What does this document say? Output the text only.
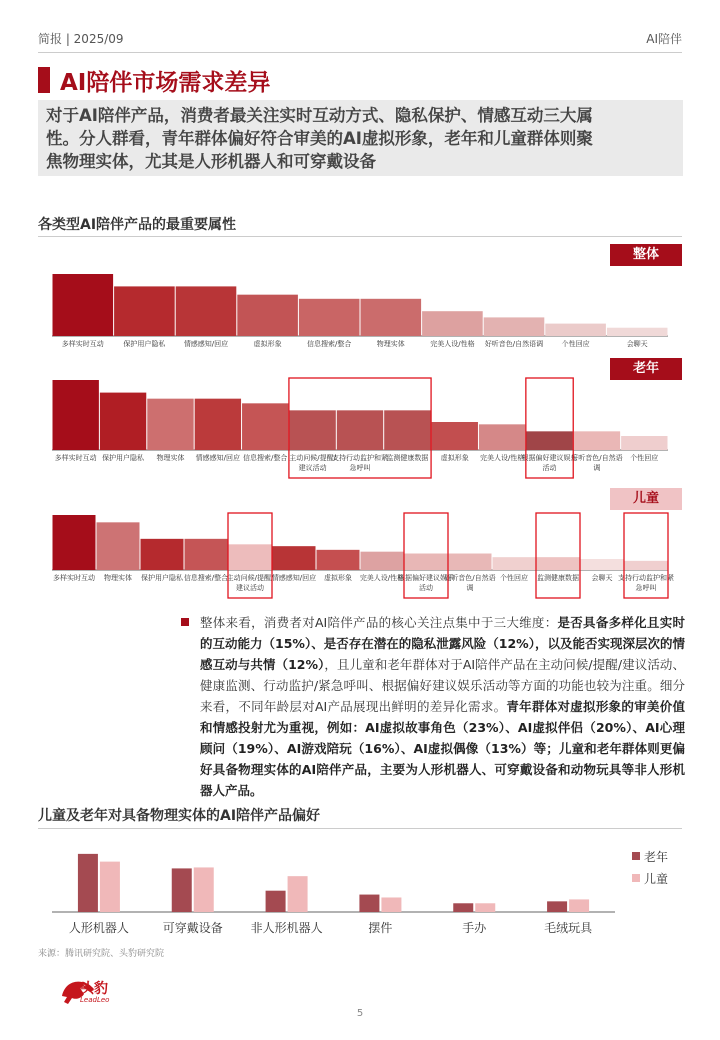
简报 | 2025/09	AI陪伴
AI陪伴市场需求差异
对于AI陪伴产品，消费者最关注实时互动方式、隐私保护、情感互动三大属
性。分人群看，青年群体偏好符合审美的AI虚拟形象，老年和儿童群体则聚
焦物理实体，尤其是人形机器人和可穿戴设备
各类型AI陪伴产品的最重要属性
整体
老年
儿童
多样实时互动	保护用户隐私	情感感知/回应	虚拟形象	信息搜索/整合	物理实体	完美人设/性格 好听音色/自然语调	个性回应	会聊天
多样实时互动 保护用户隐私 物理实体 情感感知/回应 信息搜索/整合 主动问候/提醒/
建议活动
支持行动监护和紧
急呼叫
监测健康数据 虚拟形象 完美人设/性格
根据偏好建议娱乐
活动
好听音色/自然语
调
个性回应
多样实时互动 物理实体 保护用户隐私 信息搜索/整合
主动问候/提醒/
建议活动
情感感知/回应 虚拟形象 完美人设/性格
根据偏好建议娱乐
活动
好听音色/自然语
调
个性回应 监测健康数据 会聊天 支持行动监护和紧
急呼叫
人形机器人	可穿戴设备 非人形机器人	摆件	手办	毛绒玩具
老年
儿童
整体来看，消费者对AI陪伴产品的核心关注点集中于三大维度：是否具备多样化且实时的互动能力（15%）、是否存在潜在的隐私泄露风险（12%），以及能否实现深层次的情感互动与共情（12%），且儿童和老年群体对于AI陪伴产品在主动问候/提醒/建议活动、健康监测、行动监护/紧急呼叫、根据偏好建议娱乐活动等方面的功能也较为注重。细分来看，不同年龄层对AI产品展现出鲜明的差异化需求。青年群体对虚拟形象的审美价值和情感投射尤为重视，例如：AI虚拟故事角色（23%）、AI虚拟伴侣（20%）、AI心理顾问（19%）、AI游戏陪玩（16%）、AI虚拟偶像（13%）等；儿童和老年群体则更偏好具备物理实体的AI陪伴产品，主要为人形机器人、可穿戴设备和动物玩具等非人形机器人产品。
儿童及老年对具备物理实体的AI陪伴产品偏好
来源：腾讯研究院、头豹研究院
头豹
LeadLeo
5
